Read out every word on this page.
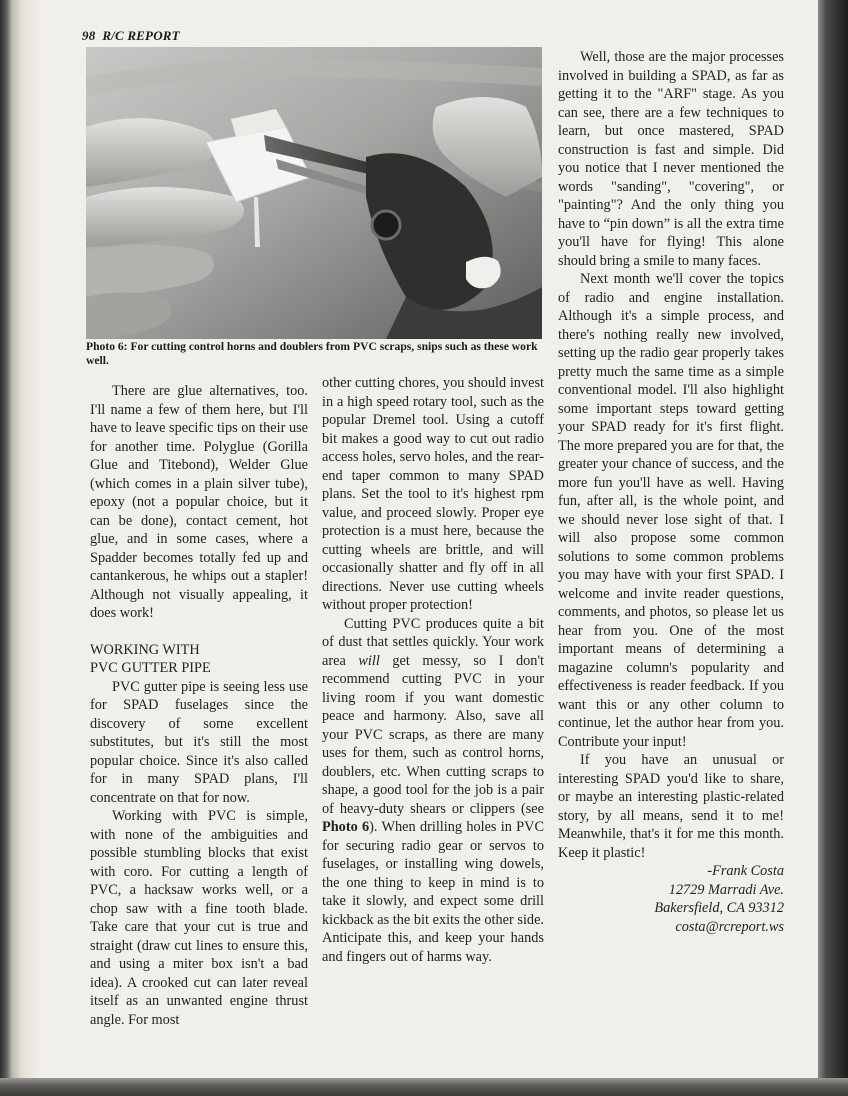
98 R/C REPORT
Photo 6: For cutting control horns and doublers from PVC scraps, snips such as these work well.

There are glue alternatives, too. I'll name a few of them here, but I'll have to leave specific tips on their use for another time. Polyglue (Gorilla Glue and Titebond), Welder Glue (which comes in a plain silver tube), epoxy (not a popular choice, but it can be done), contact cement, hot glue, and in some cases, where a Spadder becomes totally fed up and cantankerous, he whips out a stapler! Although not visually appealing, it does work!

WORKING WITH
PVC GUTTER PIPE

PVC gutter pipe is seeing less use for SPAD fuselages since the discovery of some excellent substitutes, but it's still the most popular choice. Since it's also called for in many SPAD plans, I'll concentrate on that for now.

Working with PVC is simple, with none of the ambiguities and possible stumbling blocks that exist with coro. For cutting a length of PVC, a hacksaw works well, or a chop saw with a fine tooth blade. Take care that your cut is true and straight (draw cut lines to ensure this, and using a miter box isn't a bad idea). A crooked cut can later reveal itself as an unwanted engine thrust angle. For most

other cutting chores, you should invest in a high speed rotary tool, such as the popular Dremel tool. Using a cutoff bit makes a good way to cut out radio access holes, servo holes, and the rear-end taper common to many SPAD plans. Set the tool to it's highest rpm value, and proceed slowly. Proper eye protection is a must here, because the cutting wheels are brittle, and will occasionally shatter and fly off in all directions. Never use cutting wheels without proper protection!

Cutting PVC produces quite a bit of dust that settles quickly. Your work area will get messy, so I don't recommend cutting PVC in your living room if you want domestic peace and harmony. Also, save all your PVC scraps, as there are many uses for them, such as control horns, doublers, etc. When cutting scraps to shape, a good tool for the job is a pair of heavy-duty shears or clippers (see Photo 6). When drilling holes in PVC for securing radio gear or servos to fuselages, or installing wing dowels, the one thing to keep in mind is to take it slowly, and expect some drill kickback as the bit exits the other side. Anticipate this, and keep your hands and fingers out of harms way.

Well, those are the major processes involved in building a SPAD, as far as getting it to the "ARF" stage. As you can see, there are a few techniques to learn, but once mastered, SPAD construction is fast and simple. Did you notice that I never mentioned the words "sanding", "covering", or "painting"? And the only thing you have to “pin down” is all the extra time you'll have for flying! This alone should bring a smile to many faces.

Next month we'll cover the topics of radio and engine installation. Although it's a simple process, and there's nothing really new involved, setting up the radio gear properly takes pretty much the same time as a simple conventional model. I'll also highlight some important steps toward getting your SPAD ready for it's first flight. The more prepared you are for that, the greater your chance of success, and the more fun you'll have as well. Having fun, after all, is the whole point, and we should never lose sight of that. I will also propose some common solutions to some common problems you may have with your first SPAD. I welcome and invite reader questions, comments, and photos, so please let us hear from you. One of the most important means of determining a magazine column's popularity and effectiveness is reader feedback. If you want this or any other column to continue, let the author hear from you. Contribute your input!

If you have an unusual or interesting SPAD you'd like to share, or maybe an interesting plastic-related story, by all means, send it to me! Meanwhile, that's it for me this month. Keep it plastic!

-Frank Costa

12729 Marradi Ave.

Bakersfield, CA 93312

costa@rcreport.ws
